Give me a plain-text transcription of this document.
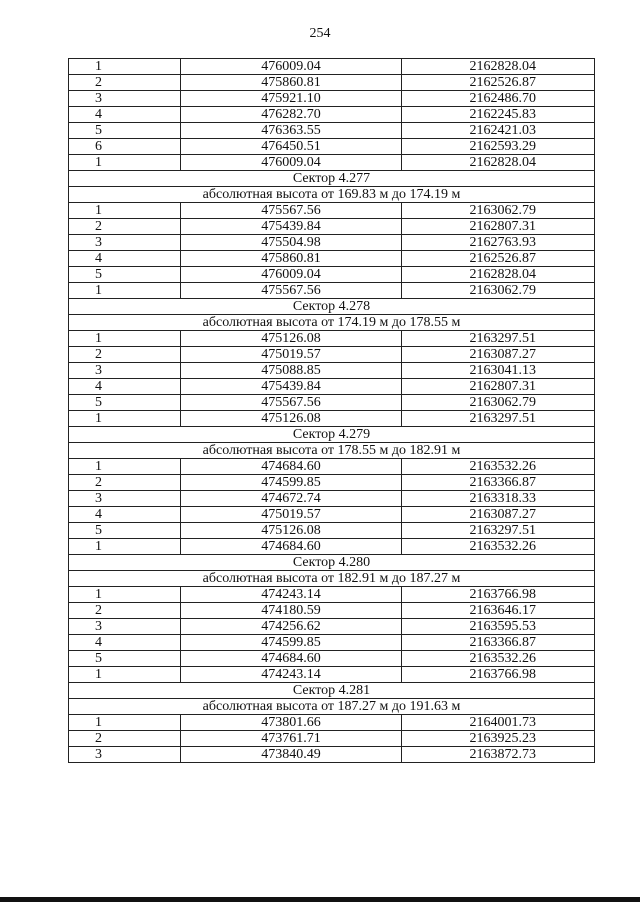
254
1	476009.04	2162828.04
2	475860.81	2162526.87
3	475921.10	2162486.70
4	476282.70	2162245.83
5	476363.55	2162421.03
6	476450.51	2162593.29
1	476009.04	2162828.04
Сектор 4.277		
абсолютная высота от 169.83 м до 174.19 м		
1	475567.56	2163062.79
2	475439.84	2162807.31
3	475504.98	2162763.93
4	475860.81	2162526.87
5	476009.04	2162828.04
1	475567.56	2163062.79
Сектор 4.278		
абсолютная высота от 174.19 м до 178.55 м		
1	475126.08	2163297.51
2	475019.57	2163087.27
3	475088.85	2163041.13
4	475439.84	2162807.31
5	475567.56	2163062.79
1	475126.08	2163297.51
Сектор 4.279		
абсолютная высота от 178.55 м до 182.91 м		
1	474684.60	2163532.26
2	474599.85	2163366.87
3	474672.74	2163318.33
4	475019.57	2163087.27
5	475126.08	2163297.51
1	474684.60	2163532.26
Сектор 4.280		
абсолютная высота от 182.91 м до 187.27 м		
1	474243.14	2163766.98
2	474180.59	2163646.17
3	474256.62	2163595.53
4	474599.85	2163366.87
5	474684.60	2163532.26
1	474243.14	2163766.98
Сектор 4.281		
абсолютная высота от 187.27 м до 191.63 м		
1	473801.66	2164001.73
2	473761.71	2163925.23
3	473840.49	2163872.73
